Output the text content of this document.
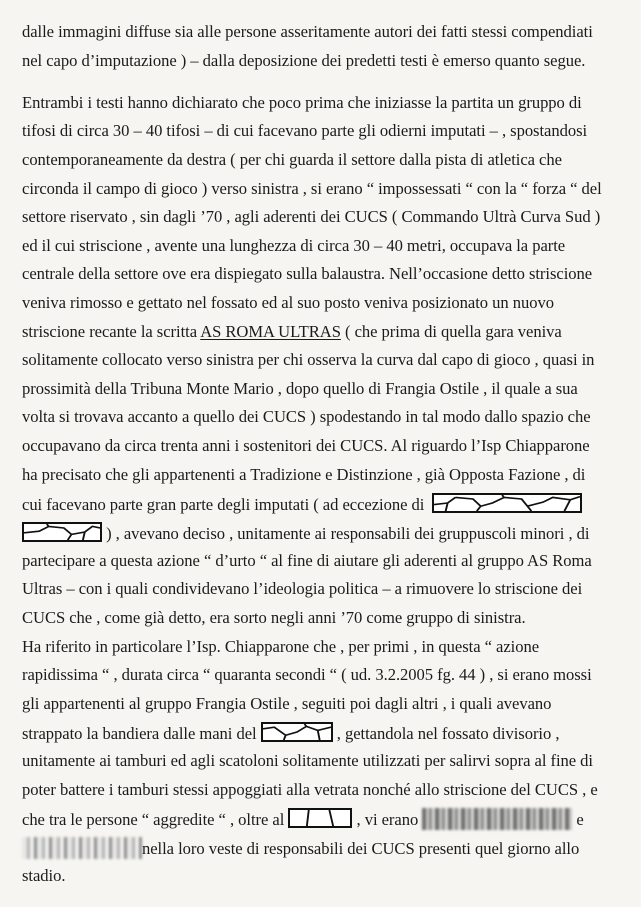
dalle immagini diffuse sia alle persone asseritamente autori dei fatti stessi compendiati
nel capo d’imputazione ) – dalla deposizione dei predetti testi è emerso quanto segue.
Entrambi i testi hanno dichiarato che poco prima che iniziasse la partita un gruppo di
tifosi di circa 30 – 40 tifosi – di cui facevano parte gli odierni imputati – , spostandosi
contemporaneamente da destra ( per chi guarda il settore dalla pista di atletica che
circonda il campo di gioco ) verso sinistra , si erano “ impossessati “ con la “ forza “ del
settore riservato , sin dagli ’70 , agli aderenti dei CUCS ( Commando Ultrà Curva Sud )
ed il cui striscione , avente una lunghezza di circa 30 – 40 metri, occupava la parte
centrale della settore ove era dispiegato sulla balaustra. Nell’occasione detto striscione
veniva rimosso e gettato nel fossato ed al suo posto veniva posizionato un nuovo
striscione recante la scritta AS ROMA ULTRAS ( che prima di quella gara veniva
solitamente collocato verso sinistra per chi osserva la curva dal capo di gioco , quasi in
prossimità della Tribuna Monte Mario , dopo quello di Frangia Ostile , il quale a sua
volta si trovava accanto a quello dei CUCS ) spodestando in tal modo dallo spazio che
occupavano da circa trenta anni i sostenitori dei CUCS. Al riguardo l’Isp Chiapparone
ha precisato che gli appartenenti a Tradizione e Distinzione , già Opposta Fazione , di
cui facevano parte gran parte degli imputati ( ad eccezione di
) , avevano deciso , unitamente ai responsabili dei gruppuscoli minori , di
partecipare a questa azione “ d’urto “ al fine di aiutare gli aderenti al gruppo AS Roma
Ultras – con i quali condividevano l’ideologia politica – a rimuovere lo striscione dei
CUCS che , come già detto, era sorto negli anni ’70 come gruppo di sinistra.
Ha riferito in particolare l’Isp. Chiapparone che , per primi , in questa “ azione
rapidissima “ , durata circa “ quaranta secondi “ ( ud. 3.2.2005 fg. 44 ) , si erano mossi
gli appartenenti al gruppo Frangia Ostile , seguiti poi dagli altri , i quali avevano
strappato la bandiera dalle mani del	, gettandola nel fossato divisorio ,
unitamente ai tamburi ed agli scatoloni solitamente utilizzati per salirvi sopra al fine di
poter battere i tamburi stessi appoggiati alla vetrata nonché allo striscione del CUCS , e
che tra le persone “ aggredite “ , oltre al	, vi erano	e
nella loro veste di responsabili dei CUCS presenti quel giorno allo
stadio.
